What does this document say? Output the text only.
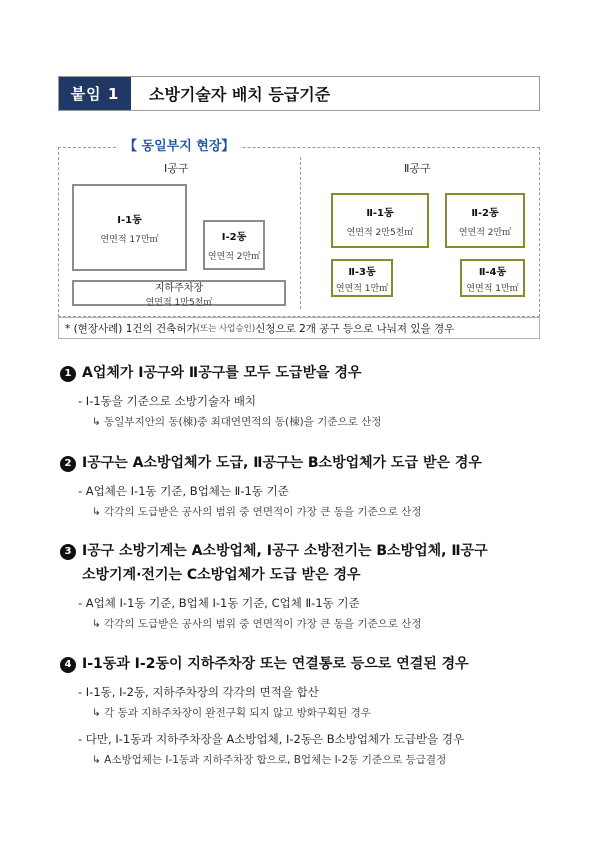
붙임 1	소방기술자 배치 등급기준
【 동일부지 현장】
Ⅰ공구	Ⅱ공구
Ⅰ-1동
연면적 17만㎡	Ⅰ-2동
연면적 2만㎡
지하주차장
연면적 1만5천㎡
Ⅱ-1동
연면적 2만5천㎡
Ⅱ-2동
연면적 2만㎡
Ⅱ-3동
연면적 1만㎡
Ⅱ-4동
연면적 1만㎡
* (현장사례) 1건의 건축허가 (또는 사업승인) 신청으로 2개 공구 등으로 나눠져 있을 경우
1 A업체가 Ⅰ공구와 Ⅱ공구를 모두 도급받을 경우
- Ⅰ-1동을 기준으로 소방기술자 배치
↳ 동일부지안의 동(棟)중 최대연면적의 동(棟)을 기준으로 산정
2 Ⅰ공구는 A소방업체가 도급, Ⅱ공구는 B소방업체가 도급 받은 경우
- A업체은 Ⅰ-1동 기준, B업체는 Ⅱ-1동 기준
↳ 각각의 도급받은 공사의 범위 중 연면적이 가장 큰 동을 기준으로 산정
3 Ⅰ공구 소방기계는 A소방업체, Ⅰ공구 소방전기는 B소방업체, Ⅱ공구
소방기계·전기는 C소방업체가 도급 받은 경우
- A업체 Ⅰ-1동 기준, B업체 Ⅰ-1동 기준, C업체 Ⅱ-1동 기준
↳ 각각의 도급받은 공사의 범위 중 연면적이 가장 큰 동을 기준으로 산정
4 Ⅰ-1동과 Ⅰ-2동이 지하주차장 또는 연결통로 등으로 연결된 경우
- Ⅰ-1동, Ⅰ-2동, 지하주차장의 각각의 면적을 합산
↳ 각 동과 지하주차장이 완전구획 되지 않고 방화구획된 경우
- 다만, Ⅰ-1동과 지하주차장을 A소방업체, Ⅰ-2동은 B소방업체가 도급받을 경우
↳ A소방업체는 Ⅰ-1동과 지하주차장 합으로, B업체는 Ⅰ-2동 기준으로 등급결정
